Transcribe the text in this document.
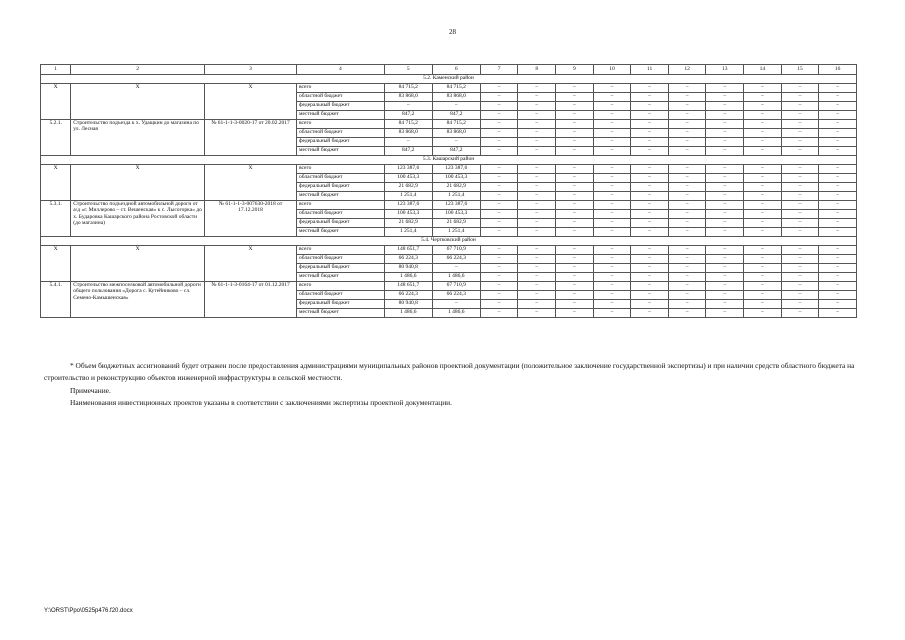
28
1	2	3	4	5	6	7	8	9	10	11	12	13	14	15	16
5.2. Каменский район															
X	X	X	всего	84 715,2	84 715,2	–	–	–	–	–	–	–	–	–	–
			областной бюджет	83 868,0	83 868,0	–	–	–	–	–	–	–	–	–	–
			федеральный бюджет	–	–	–	–	–	–	–	–	–	–	–	–
			местный бюджет	847,2	847,2	–	–	–	–	–	–	–	–	–	–
5.2.1.	Строительство подъезда к х. Удащкин до магазина по ул. Лесная	№ 61-1-1-3-0020-17 от 20.02.2017	всего	84 715,2	84 715,2	–	–	–	–	–	–	–	–	–	–
			областной бюджет	83 868,0	83 868,0	–	–	–	–	–	–	–	–	–	–
			федеральный бюджет	–	–	–	–	–	–	–	–	–	–	–	–
			местный бюджет	847,2	847,2	–	–	–	–	–	–	–	–	–	–
5.3. Кашарский район															
X	X	X	всего	123 387,6	123 387,6	–	–	–	–	–	–	–	–	–	–
			областной бюджет	100 453,3	100 453,3	–	–	–	–	–	–	–	–	–	–
			федеральный бюджет	21 682,9	21 682,9	–	–	–	–	–	–	–	–	–	–
			местный бюджет	1 251,4	1 251,4	–	–	–	–	–	–	–	–	–	–
5.3.1.	Строительство подъездной автомобильной дороги от а/д «г. Миллерово – ст. Вешенская» к с. Лысогорка» до х. Бударовка Кашарского района Ростовской области (до магазина)	№ 61-1-1-3-007630-2018 от 17.12.2018	всего	123 387,6	123 387,6	–	–	–	–	–	–	–	–	–	–
			областной бюджет	100 453,3	100 453,3	–	–	–	–	–	–	–	–	–	–
			федеральный бюджет	21 682,9	21 682,9	–	–	–	–	–	–	–	–	–	–
			местный бюджет	1 251,4	1 251,4	–	–	–	–	–	–	–	–	–	–
5.4. Чертковский район															
X	X	X	всего	148 651,7	67 710,9	–	–	–	–	–	–	–	–	–	–
			областной бюджет	66 224,3	66 224,3	–	–	–	–	–	–	–	–	–	–
			федеральный бюджет	80 940,8	–	–	–	–	–	–	–	–	–	–	–
			местный бюджет	1 486,6	1 486,6	–	–	–	–	–	–	–	–	–	–
5.4.1.	Строительство межпоселковой автомобильной дороги общего пользования «Дорога с. Кутейниково – сл. Семено-Камышенская»	№ 61-1-1-3-0164-17 от 01.12.2017	всего	148 651,7	67 710,9	–	–	–	–	–	–	–	–	–	–
			областной бюджет	66 224,3	66 224,3	–	–	–	–	–	–	–	–	–	–
			федеральный бюджет	80 940,8	–	–	–	–	–	–	–	–	–	–	–
			местный бюджет	1 486,6	1 486,6	–	–	–	–	–	–	–	–	–	–

* Объем бюджетных ассигнований будет отражен после предоставления администрациями муниципальных районов проектной документации (положительное заключение государственной экспертизы) и при наличии средств областного бюджета на строительство и реконструкцию объектов инженерной инфраструктуры в сельской местности.

Примечание.

Наименования инвестиционных проектов указаны в соответствии с заключениями экспертизы проектной документации.

Y:\ORST\Ppo\0525p476.f20.docx
